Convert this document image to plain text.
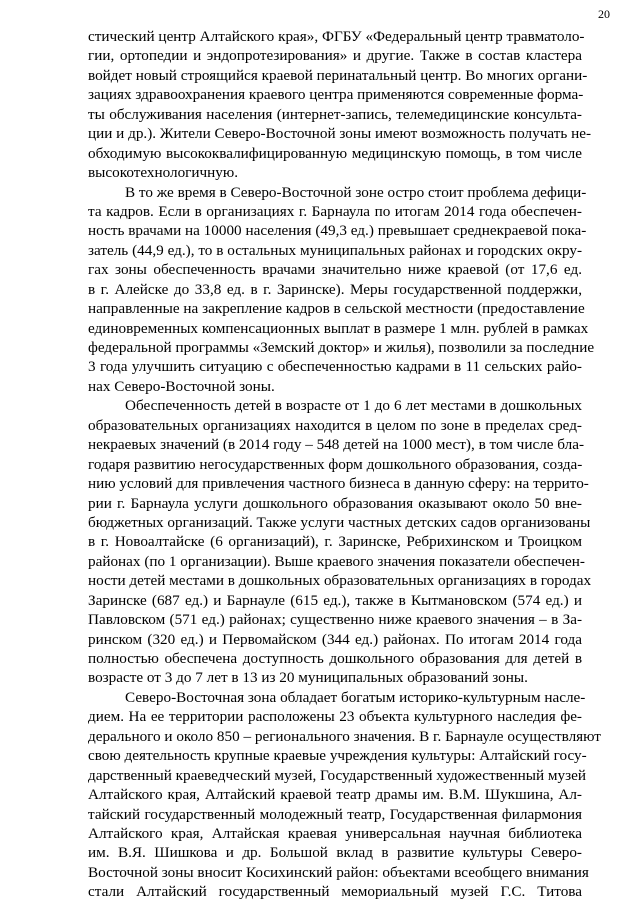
20
стический центр Алтайского края», ФГБУ «Федеральный центр травматоло-
гии, ортопедии и эндопротезирования» и другие. Также в состав кластера
войдет новый строящийся краевой перинатальный центр. Во многих органи-
зациях здравоохранения краевого центра применяются современные форма-
ты обслуживания населения (интернет-запись, телемедицинские консульта-
ции и др.). Жители Северо-Восточной зоны имеют возможность получать не-
обходимую высококвалифицированную медицинскую помощь, в том числе
высокотехнологичную.
В то же время в Северо-Восточной зоне остро стоит проблема дефици-
та кадров. Если в организациях г. Барнаула по итогам 2014 года обеспечен-
ность врачами на 10000 населения (49,3 ед.) превышает среднекраевой пока-
затель (44,9 ед.), то в остальных муниципальных районах и городских окру-
гах зоны обеспеченность врачами значительно ниже краевой (от 17,6 ед.
в г. Алейске до 33,8 ед. в г. Заринске). Меры государственной поддержки,
направленные на закрепление кадров в сельской местности (предоставление
единовременных компенсационных выплат в размере 1 млн. рублей в рамках
федеральной программы «Земский доктор» и жилья), позволили за последние
3 года улучшить ситуацию с обеспеченностью кадрами в 11 сельских райо-
нах Северо-Восточной зоны.
Обеспеченность детей в возрасте от 1 до 6 лет местами в дошкольных
образовательных организациях находится в целом по зоне в пределах сред-
некраевых значений (в 2014 году – 548 детей на 1000 мест), в том числе бла-
годаря развитию негосударственных форм дошкольного образования, созда-
нию условий для привлечения частного бизнеса в данную сферу: на террито-
рии г. Барнаула услуги дошкольного образования оказывают около 50 вне-
бюджетных организаций. Также услуги частных детских садов организованы
в г. Новоалтайске (6 организаций), г. Заринске, Ребрихинском и Троицком
районах (по 1 организации). Выше краевого значения показатели обеспечен-
ности детей местами в дошкольных образовательных организациях в городах
Заринске (687 ед.) и Барнауле (615 ед.), также в Кытмановском (574 ед.) и
Павловском (571 ед.) районах; существенно ниже краевого значения – в За-
ринском (320 ед.) и Первомайском (344 ед.) районах. По итогам 2014 года
полностью обеспечена доступность дошкольного образования для детей в
возрасте от 3 до 7 лет в 13 из 20 муниципальных образований зоны.
Северо-Восточная зона обладает богатым историко-культурным насле-
дием. На ее территории расположены 23 объекта культурного наследия фе-
дерального и около 850 – регионального значения. В г. Барнауле осуществляют
свою деятельность крупные краевые учреждения культуры: Алтайский госу-
дарственный краеведческий музей, Государственный художественный музей
Алтайского края, Алтайский краевой театр драмы им. В.М. Шукшина, Ал-
тайский государственный молодежный театр, Государственная филармония
Алтайского края, Алтайская краевая универсальная научная библиотека
им. В.Я. Шишкова и др. Большой вклад в развитие культуры Северо-
Восточной зоны вносит Косихинский район: объектами всеобщего внимания
стали Алтайский государственный мемориальный музей Г.С. Титова
